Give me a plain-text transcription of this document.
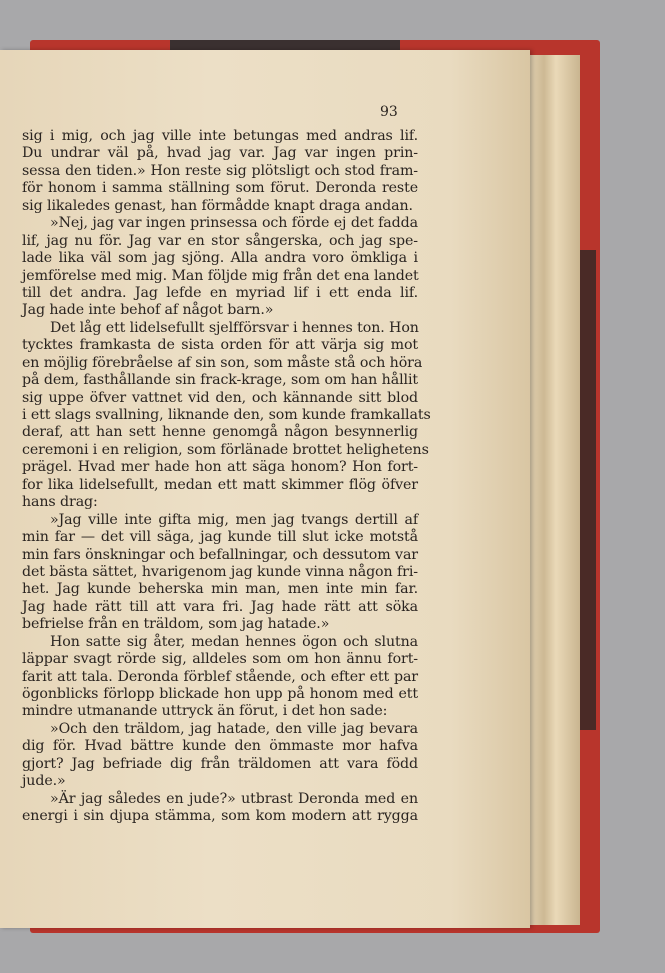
93
sig i mig, och jag ville inte betungas med andras lif.
Du undrar väl på, hvad jag var. Jag var ingen prin-
sessa den tiden.» Hon reste sig plötsligt och stod fram-
för honom i samma ställning som förut. Deronda reste
sig likaledes genast, han förmådde knapt draga andan.
»Nej, jag var ingen prinsessa och förde ej det fadda
lif, jag nu för. Jag var en stor sångerska, och jag spe-
lade lika väl som jag sjöng. Alla andra voro ömkliga i
jemförelse med mig. Man följde mig från det ena landet
till det andra. Jag lefde en myriad lif i ett enda lif.
Jag hade inte behof af något barn.»
Det låg ett lidelsefullt sjelfförsvar i hennes ton. Hon
tycktes framkasta de sista orden för att värja sig mot
en möjlig förebråelse af sin son, som måste stå och höra
på dem, fasthållande sin frack-krage, som om han hållit
sig uppe öfver vattnet vid den, och kännande sitt blod
i ett slags svallning, liknande den, som kunde framkallats
deraf, att han sett henne genomgå någon besynnerlig
ceremoni i en religion, som förlänade brottet helighetens
prägel. Hvad mer hade hon att säga honom? Hon fort-
for lika lidelsefullt, medan ett matt skimmer flög öfver
hans drag:
»Jag ville inte gifta mig, men jag tvangs dertill af
min far — det vill säga, jag kunde till slut icke motstå
min fars önskningar och befallningar, och dessutom var
det bästa sättet, hvarigenom jag kunde vinna någon fri-
het. Jag kunde beherska min man, men inte min far.
Jag hade rätt till att vara fri. Jag hade rätt att söka
befrielse från en träldom, som jag hatade.»
Hon satte sig åter, medan hennes ögon och slutna
läppar svagt rörde sig, alldeles som om hon ännu fort-
farit att tala. Deronda förblef stående, och efter ett par
ögonblicks förlopp blickade hon upp på honom med ett
mindre utmanande uttryck än förut, i det hon sade:
»Och den träldom, jag hatade, den ville jag bevara
dig för. Hvad bättre kunde den ömmaste mor hafva
gjort? Jag befriade dig från träldomen att vara född
jude.»
»Är jag således en jude?» utbrast Deronda med en
energi i sin djupa stämma, som kom modern att rygga
